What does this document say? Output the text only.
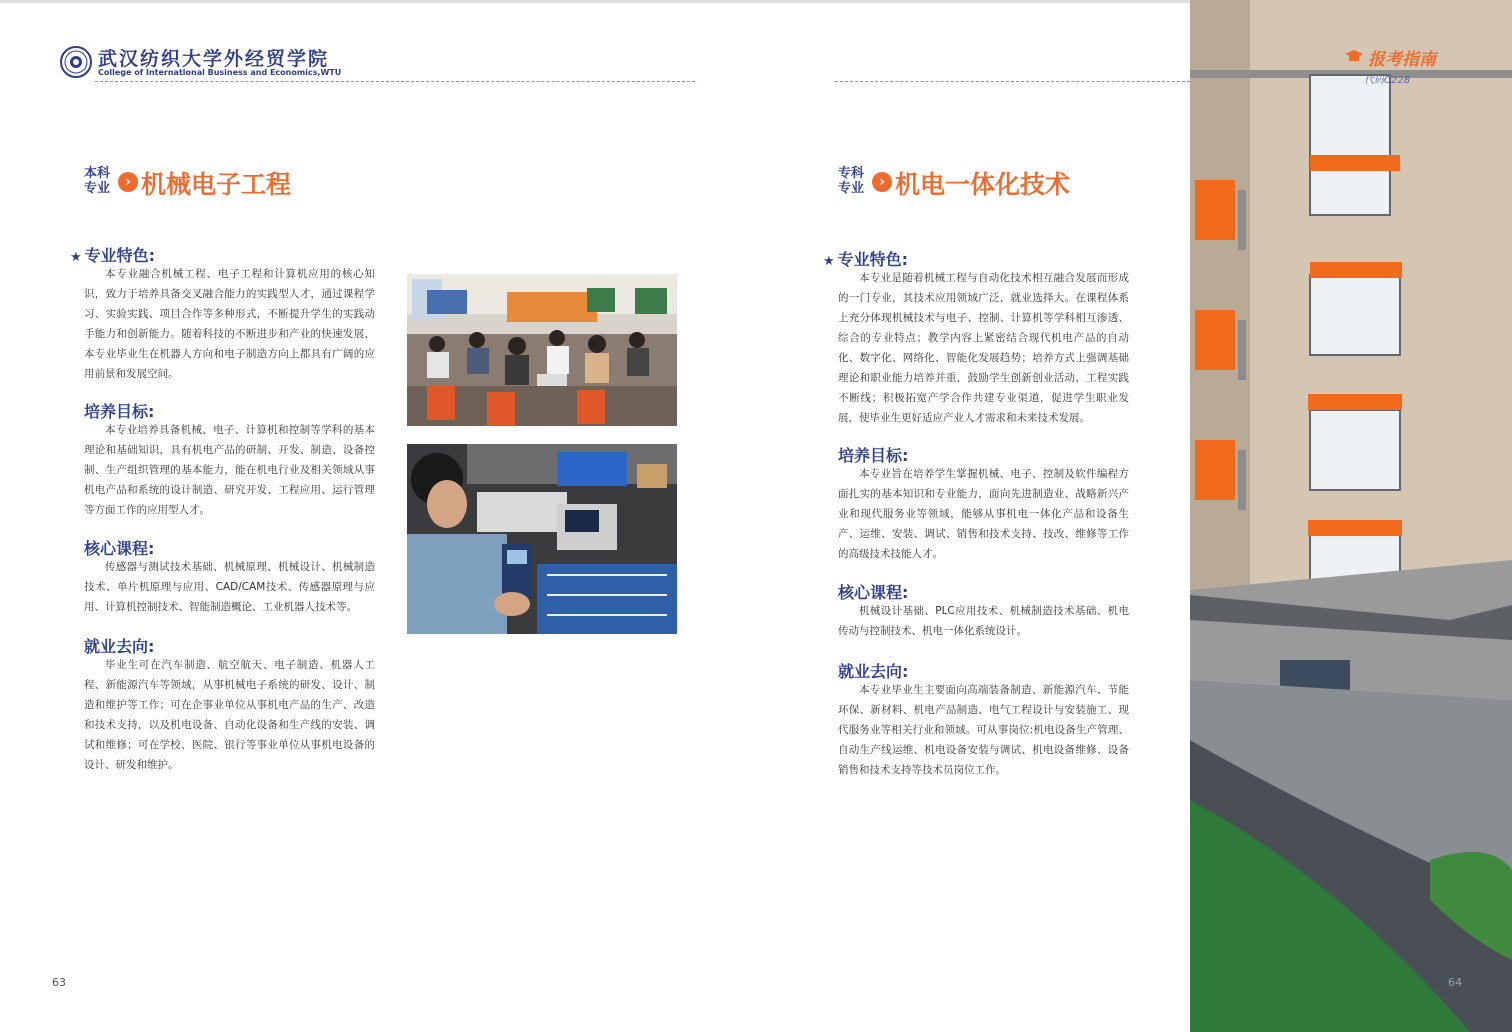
武汉纺织大学外经贸学院
College of International Business and Economics,WTU
本科专业	› 机械电子工程
★ 专业特色:
本专业融合机械工程、电子工程和计算机应用的核心知识，致力于培养具备交叉融合能力的实践型人才，通过课程学习、实验实践、项目合作等多种形式，不断提升学生的实践动手能力和创新能力。随着科技的不断进步和产业的快速发展，本专业毕业生在机器人方向和电子制造方向上都具有广阔的应用前景和发展空间。
培养目标:
本专业培养具备机械、电子、计算机和控制等学科的基本理论和基础知识，具有机电产品的研制、开发、制造、设备控制、生产组织管理的基本能力，能在机电行业及相关领域从事机电产品和系统的设计制造、研究开发、工程应用、运行管理等方面工作的应用型人才。
核心课程:
传感器与测试技术基础、机械原理、机械设计、机械制造技术、单片机原理与应用、CAD/CAM技术、传感器原理与应用、计算机控制技术、智能制造概论、工业机器人技术等。
就业去向:
毕业生可在汽车制造、航空航天、电子制造、机器人工程、新能源汽车等领域，从事机械电子系统的研发、设计、制造和维护等工作；可在企事业单位从事机电产品的生产、改造和技术支持，以及机电设备、自动化设备和生产线的安装、调试和维修；可在学校、医院、银行等事业单位从事机电设备的设计、研发和维护。
专科专业	› 机电一体化技术
★ 专业特色:
本专业是随着机械工程与自动化技术相互融合发展而形成的一门专业，其技术应用领域广泛，就业选择大。在课程体系上充分体现机械技术与电子、控制、计算机等学科相互渗透、综合的专业特点；教学内容上紧密结合现代机电产品的自动化、数字化、网络化、智能化发展趋势；培养方式上强调基础理论和职业能力培养并重，鼓励学生创新创业活动，工程实践不断线；积极拓宽产学合作共建专业渠道，促进学生职业发展，使毕业生更好适应产业人才需求和未来技术发展。
培养目标:
本专业旨在培养学生掌握机械、电子、控制及软件编程方面扎实的基本知识和专业能力，面向先进制造业、战略新兴产业和现代服务业等领域，能够从事机电一体化产品和设备生产、运维、安装、调试、销售和技术支持、技改、维修等工作的高级技术技能人才。
核心课程:
机械设计基础、PLC应用技术、机械制造技术基础、机电传动与控制技术、机电一体化系统设计。
就业去向:
本专业毕业生主要面向高端装备制造、新能源汽车、节能环保、新材料、机电产品制造、电气工程设计与安装施工、现代服务业等相关行业和领域。可从事岗位:机电设备生产管理、自动生产线运维、机电设备安装与调试、机电设备维修、设备销售和技术支持等技术员岗位工作。
报考指南
代码C228
63	64
